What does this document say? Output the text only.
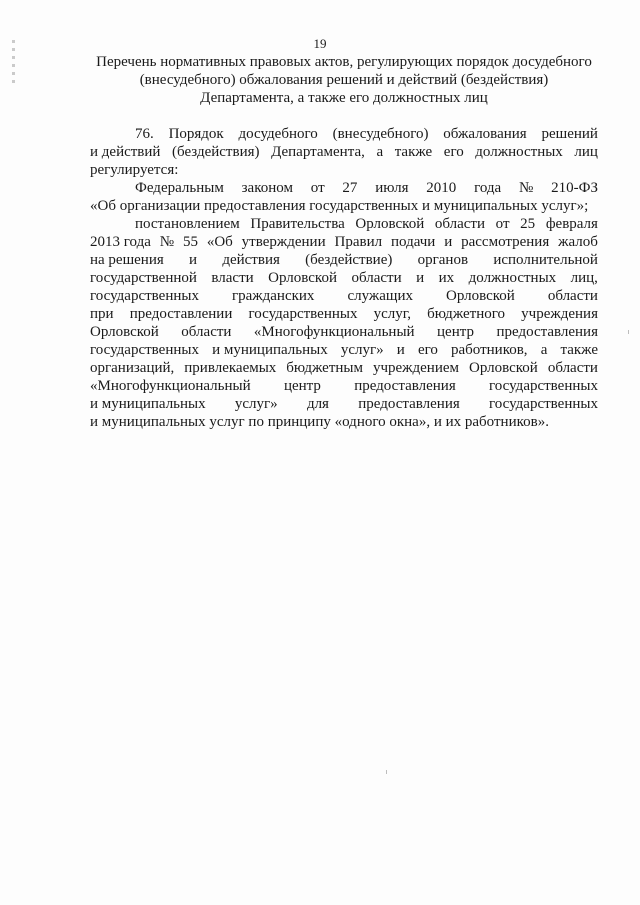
19
Перечень нормативных правовых актов, регулирующих порядок досудебного
(внесудебного) обжалования решений и действий (бездействия)
Департамента, а также его должностных лиц
76. Порядок досудебного (внесудебного) обжалования решений
и действий (бездействия) Департамента, а также его должностных лиц
регулируется:
Федеральным законом от 27 июля 2010 года № 210-ФЗ
«Об организации предоставления государственных и муниципальных услуг»;
постановлением Правительства Орловской области от 25 февраля
2013 года № 55 «Об утверждении Правил подачи и рассмотрения жалоб
на решения и действия (бездействие) органов исполнительной
государственной власти Орловской области и их должностных лиц,
государственных гражданских служащих Орловской области
при предоставлении государственных услуг, бюджетного учреждения
Орловской области «Многофункциональный центр предоставления
государственных и муниципальных услуг» и его работников, а также
организаций, привлекаемых бюджетным учреждением Орловской области
«Многофункциональный центр предоставления государственных
и муниципальных услуг» для предоставления государственных
и муниципальных услуг по принципу «одного окна», и их работников».
